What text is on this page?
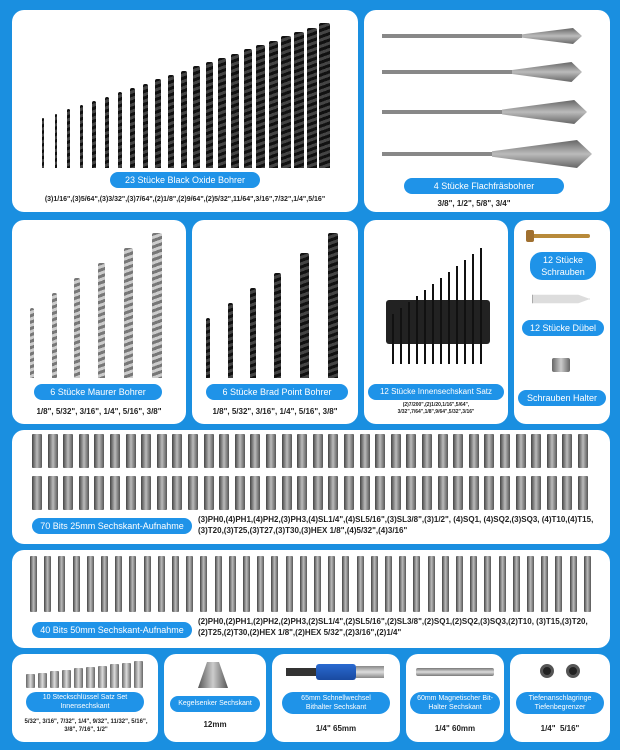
23 Stücke Black Oxide Bohrer
(3)1/16",(3)5/64",(3)3/32",(3)7/64",(2)1/8",(2)9/64",(2)5/32",11/64",3/16",7/32",1/4",5/16"
4 Stücke Flachfräsbohrer
3/8", 1/2", 5/8", 3/4"
6 Stücke Maurer Bohrer
1/8", 5/32", 3/16", 1/4", 5/16", 3/8"
6 Stücke Brad Point Bohrer
1/8", 5/32", 3/16", 1/4", 5/16", 3/8"
12 Stücke Innensechskant Satz
(2)7/200",(2)1/20,1/16",5/64", 3/32",7/64",1/8",9/64",5/32",3/16"
12 Stücke Schrauben
12 Stücke Dübel
Schrauben Halter
70 Bits 25mm Sechskant-Aufnahme
(3)PH0,(4)PH1,(4)PH2,(3)PH3,(4)SL1/4",(4)SL5/16",(3)SL3/8",(3)1/2", (4)SQ1, (4)SQ2,(3)SQ3, (4)T10,(4)T15,(3)T20,(3)T25,(3)T27,(3)T30,(3)HEX 1/8",(4)5/32",(4)3/16"
40 Bits 50mm Sechskant-Aufnahme
(2)PH0,(2)PH1,(2)PH2,(2)PH3,(2)SL1/4",(2)SL5/16",(2)SL3/8",(2)SQ1,(2)SQ2,(3)SQ3,(2)T10, (3)T15,(3)T20,(2)T25,(2)T30,(2)HEX 1/8",(2)HEX 5/32",(2)3/16",(2)1/4"
10 Steckschlüssel Satz Set Innensechskant
5/32", 3/16", 7/32", 1/4", 9/32", 11/32", 5/16", 3/8", 7/16", 1/2"
Kegelsenker Sechskant
12mm
65mm Schnellwechsel Bithalter Sechskant
1/4" 65mm
60mm Magnetischer Bit-Halter Sechskant
1/4" 60mm
Tiefenanschlagringe Tiefenbegrenzer
1/4"  5/16"
